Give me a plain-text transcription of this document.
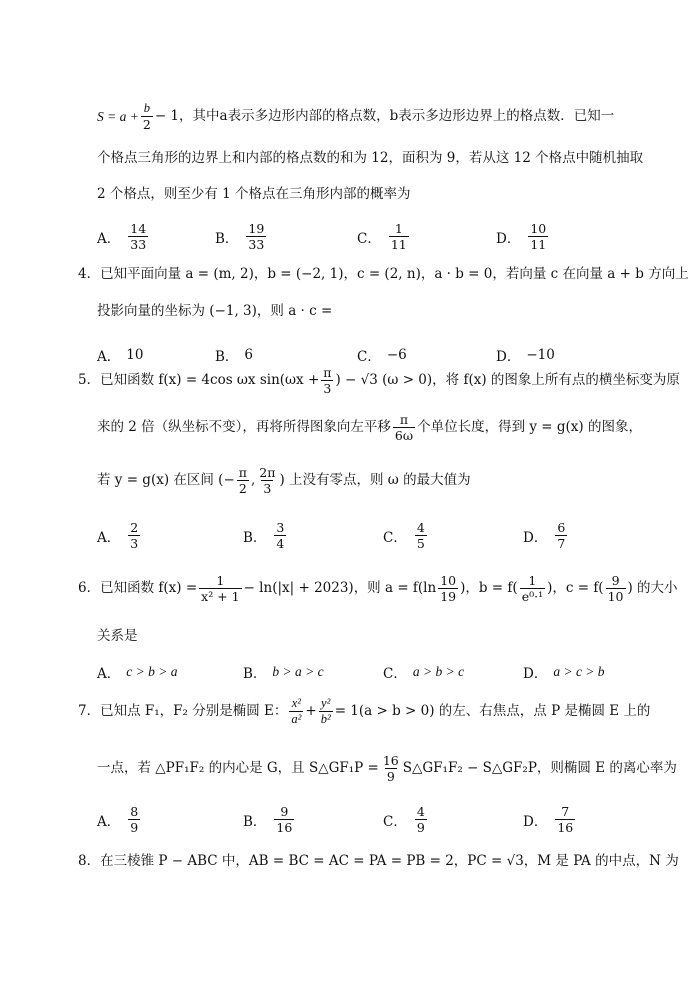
$S = a + \frac{b}{2} - 1$ ，其中a表示多边形内部的格点数，b表示多边形边界上的格点数．已知一
个格点三角形的边界上和内部的格点数的和为 12，面积为 9，若从这 12 个格点中随机抽取
2 个格点，则至少有 1 个格点在三角形内部的概率为
A． $\frac{14}{33}$	B． $\frac{19}{33}$	C． $\frac{1}{11}$	D． $\frac{10}{11}$
4．已知平面向量 a = (m, 2)，b = (−2, 1)，c = (2, n)，a · b = 0，若向量 c 在向量 a + b 方向上
投影向量的坐标为 (−1, 3)，则 a · c =
A． 10	B． 6	C． −6	D． −10
5． 已知函数 f(x) = 4cos ωx $\sin(\omega x + \frac{\pi}{3}$ ) − √3 (ω > 0)，将 f(x) 的图象上所有点的横坐标变为原
来的 2 倍（纵坐标不变），再将所得图象向左平移 $\frac{\pi}{6\omega}$ 个单位长度，得到 y = g(x) 的图象，
若 y = g(x) 在区间 (− $\frac{\pi}{2}$ , $\frac{2\pi}{3}$ ) 上没有零点，则 ω 的最大值为
A． $\frac{2}{3}$	B． $\frac{3}{4}$	C． $\frac{4}{5}$	D． $\frac{6}{7}$
6． 已知函数 $f(x) = \frac{1}{\text{x² + 1}} - \ln(|x| + 2023)$，则 $a = f(\ln \frac{10}{19}$ )，$b = f( \frac{1}{\text{e⁰·¹}}$ )，$c = f( \frac{9}{10}$ ) 的大小
关系是
A． c > b > a	B． b > a > c	C． a > b > c	D． a > c > b
7． 已知点 F₁，F₂ 分别是椭圆 E： $\frac{\text{x²}}{\text{a²}} + \frac{\text{y²}}{\text{b²}} = 1(a > b > 0)$ 的左、右焦点，点 P 是椭圆 E 上的
一点，若 △PF₁F₂ 的内心是 G，且 S△GF₁P = $\frac{16}{9}$ S△GF₁F₂ − S△GF₂P，则椭圆 E 的离心率为
A． $\frac{8}{9}$	B． $\frac{9}{16}$	C． $\frac{4}{9}$	D． $\frac{7}{16}$
8．在三棱锥 P − ABC 中，AB = BC = AC = PA = PB = 2，PC = √3，M 是 PA 的中点，N 为
